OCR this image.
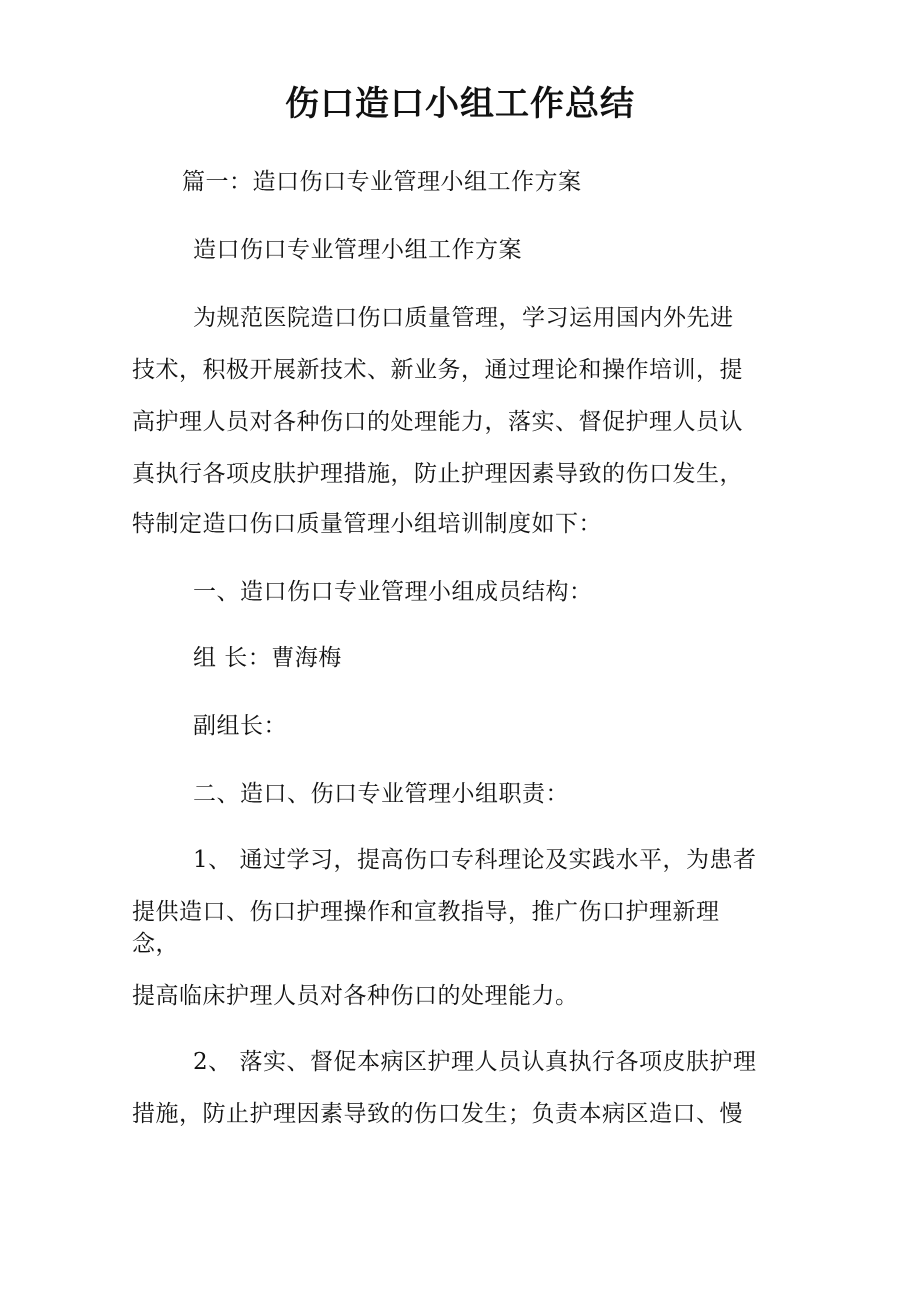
伤口造口小组工作总结
篇一：造口伤口专业管理小组工作方案
造口伤口专业管理小组工作方案
为规范医院造口伤口质量管理，学习运用国内外先进
技术，积极开展新技术、新业务，通过理论和操作培训，提
高护理人员对各种伤口的处理能力，落实、督促护理人员认
真执行各项皮肤护理措施，防止护理因素导致的伤口发生，
特制定造口伤口质量管理小组培训制度如下：
一、造口伤口专业管理小组成员结构：
组 长：曹海梅
副组长：
二、造口、伤口专业管理小组职责：
1、 通过学习，提高伤口专科理论及实践水平，为患者
提供造口、伤口护理操作和宣教指导，推广伤口护理新理
念，
提高临床护理人员对各种伤口的处理能力。
2、 落实、督促本病区护理人员认真执行各项皮肤护理
措施，防止护理因素导致的伤口发生；负责本病区造口、慢
